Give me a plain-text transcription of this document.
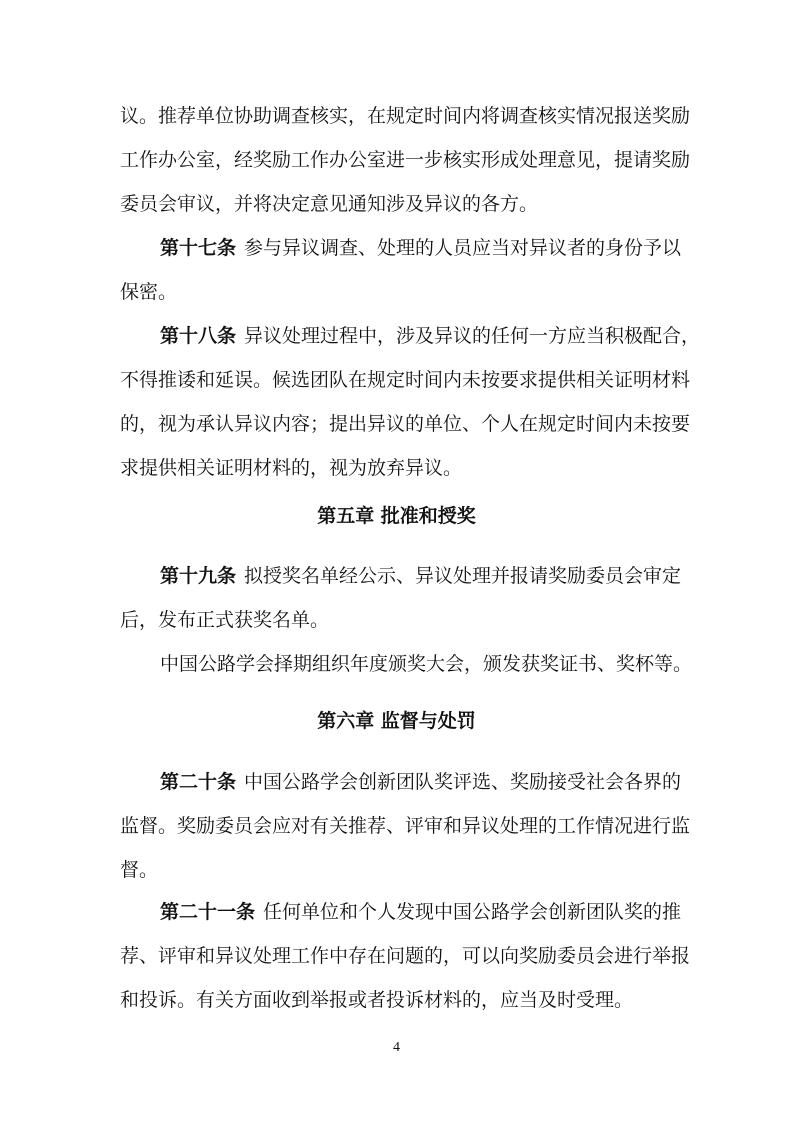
议。推荐单位协助调查核实，在规定时间内将调查核实情况报送奖励
工作办公室，经奖励工作办公室进一步核实形成处理意见，提请奖励
委员会审议，并将决定意见通知涉及异议的各方。
第十七条 参与异议调查、处理的人员应当对异议者的身份予以
保密。
第十八条 异议处理过程中，涉及异议的任何一方应当积极配合，
不得推诿和延误。候选团队在规定时间内未按要求提供相关证明材料
的，视为承认异议内容；提出异议的单位、个人在规定时间内未按要
求提供相关证明材料的，视为放弃异议。
第五章 批准和授奖
第十九条 拟授奖名单经公示、异议处理并报请奖励委员会审定
后，发布正式获奖名单。
中国公路学会择期组织年度颁奖大会，颁发获奖证书、奖杯等。
第六章 监督与处罚
第二十条 中国公路学会创新团队奖评选、奖励接受社会各界的
监督。奖励委员会应对有关推荐、评审和异议处理的工作情况进行监
督。
第二十一条 任何单位和个人发现中国公路学会创新团队奖的推
荐、评审和异议处理工作中存在问题的，可以向奖励委员会进行举报
和投诉。有关方面收到举报或者投诉材料的，应当及时受理。
4
